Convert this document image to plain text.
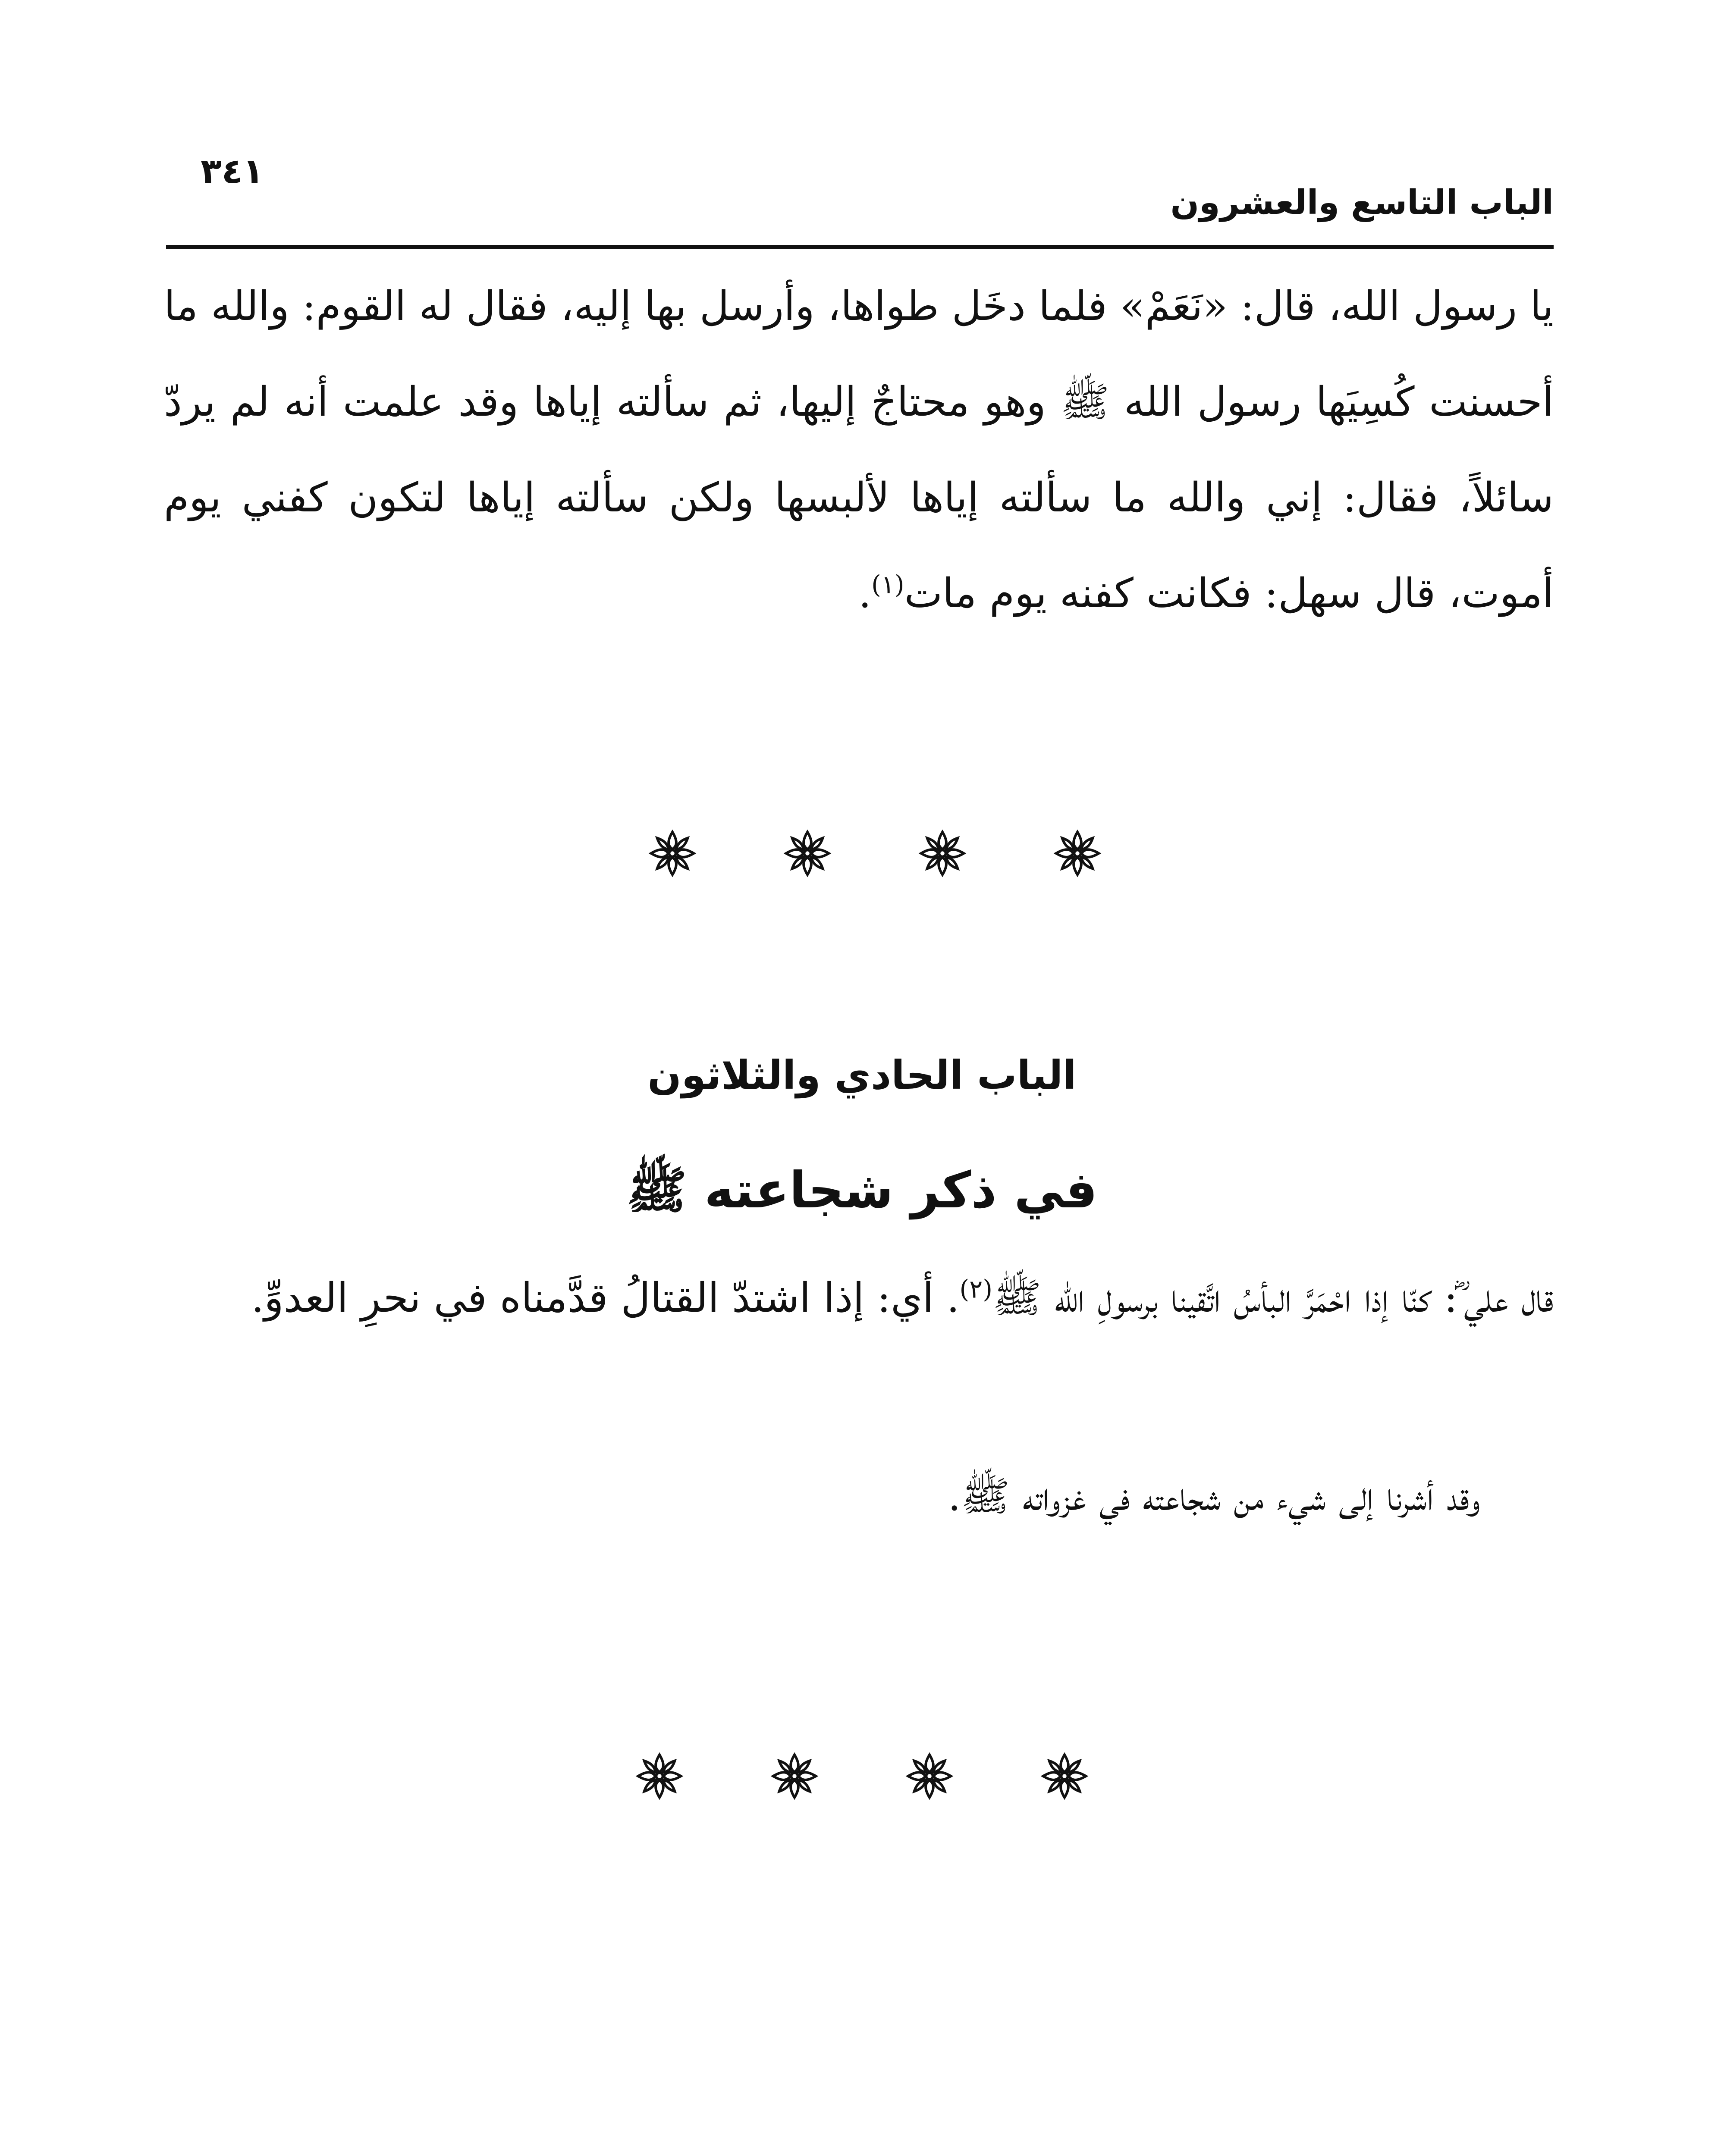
٣٤١
الباب التاسع والعشرون
يا رسول الله، قال: «نَعَمْ» فلما دخَل طواها، وأرسل بها إليه، فقال له القوم: والله ما أحسنت كُسِيَها رسول الله ﷺ وهو محتاجٌ إليها، ثم سألته إياها وقد علمت أنه لم يردّ سائلاً، فقال: إني والله ما سألته إياها لألبسها ولكن سألته إياها لتكون كفني يوم أموت، قال سهل: فكانت كفنه يوم مات$^{(١)}$.
الباب الحادي والثلاثون
في ذكر شجاعته ﷺ
قال علي ؓ: كنّا إذا احْمَرَّ البأسُ اتَّقينا برسولِ الله ﷺ$^{(٢)}$. أي: إذا اشتدّ القتالُ قدَّمناه في نحرِ العدوِّ.
وقد أشرنا إلى شيء من شجاعته في غزواته ﷺ.
